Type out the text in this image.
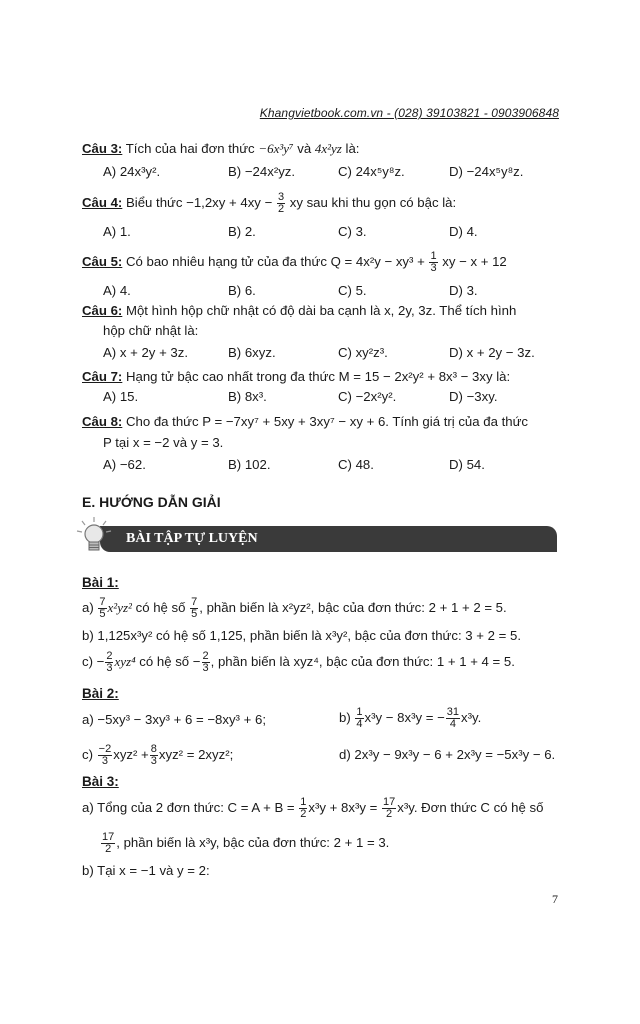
Khangvietbook.com.vn - (028) 39103821 - 0903906848
Câu 3: Tích của hai đơn thức −6x³y⁷ và 4x²yz là:
A) 24x³y².	B) −24x²yz.	C) 24x⁵y⁸z.	D) −24x⁵y⁸z.
Câu 4: Biểu thức $-1,2xy + 4xy - \frac{3}{2}$ xy sau khi thu gọn có bậc là:
A) 1.	B) 2.	C) 3.	D) 4.
Câu 5: Có bao nhiêu hạng tử của đa thức $Q = 4x^2y - xy^3 + \frac{1}{3}$ xy − x + 12
A) 4.	B) 6.	C) 5.	D) 3.
Câu 6: Một hình hộp chữ nhật có độ dài ba cạnh là x, 2y, 3z. Thể tích hình
hộp chữ nhật là:
A) x + 2y + 3z.	B) 6xyz.	C) xy²z³.	D) x + 2y − 3z.
Câu 7: Hạng tử bậc cao nhất trong đa thức M = 15 − 2x²y² + 8x³ − 3xy là:
A) 15.	B) 8x³.	C) −2x²y².	D) −3xy.
Câu 8: Cho đa thức P = −7xy⁷ + 5xy + 3xy⁷ − xy + 6. Tính giá trị của đa thức
P tại x = −2 và y = 3.
A) −62.	B) 102.	C) 48.	D) 54.
E. HƯỚNG DẪN GIẢI
BÀI TẬP TỰ LUYỆN
Bài 1:
$a) \frac{7}{5} x^2yz^2$ có hệ số $\frac{7}{5}$ , phần biến là x²yz², bậc của đơn thức: 2 + 1 + 2 = 5.
b) 1,125x³y² có hệ số 1,125, phần biến là x³y², bậc của đơn thức: 3 + 2 = 5.
$c) - \frac{2}{3} xyz^4$ có hệ số − $\frac{2}{3}$ , phần biến là xyz⁴, bậc của đơn thức: 1 + 1 + 4 = 5.
Bài 2:
a) −5xy³ − 3xy³ + 6 = −8xy³ + 6;	$b) \frac{1}{4} x^3y - 8x^3y$ = − $\frac{31}{4} x^3y$.
$c) \frac{-2}{3} xyz^2 + \frac{8}{3} xyz^2 = 2xyz^2$;	d) 2x³y − 9x³y − 6 + 2x³y = −5x³y − 6.
Bài 3:
a) Tổng của 2 đơn thức: $C = A + B = \frac{1}{2} x^3y + 8x^3y = \frac{17}{2} x^3y$. Đơn thức C có hệ số
$\frac{17}{2}$ , phần biến là x³y, bậc của đơn thức: 2 + 1 = 3.
b) Tại x = −1 và y = 2:
7
